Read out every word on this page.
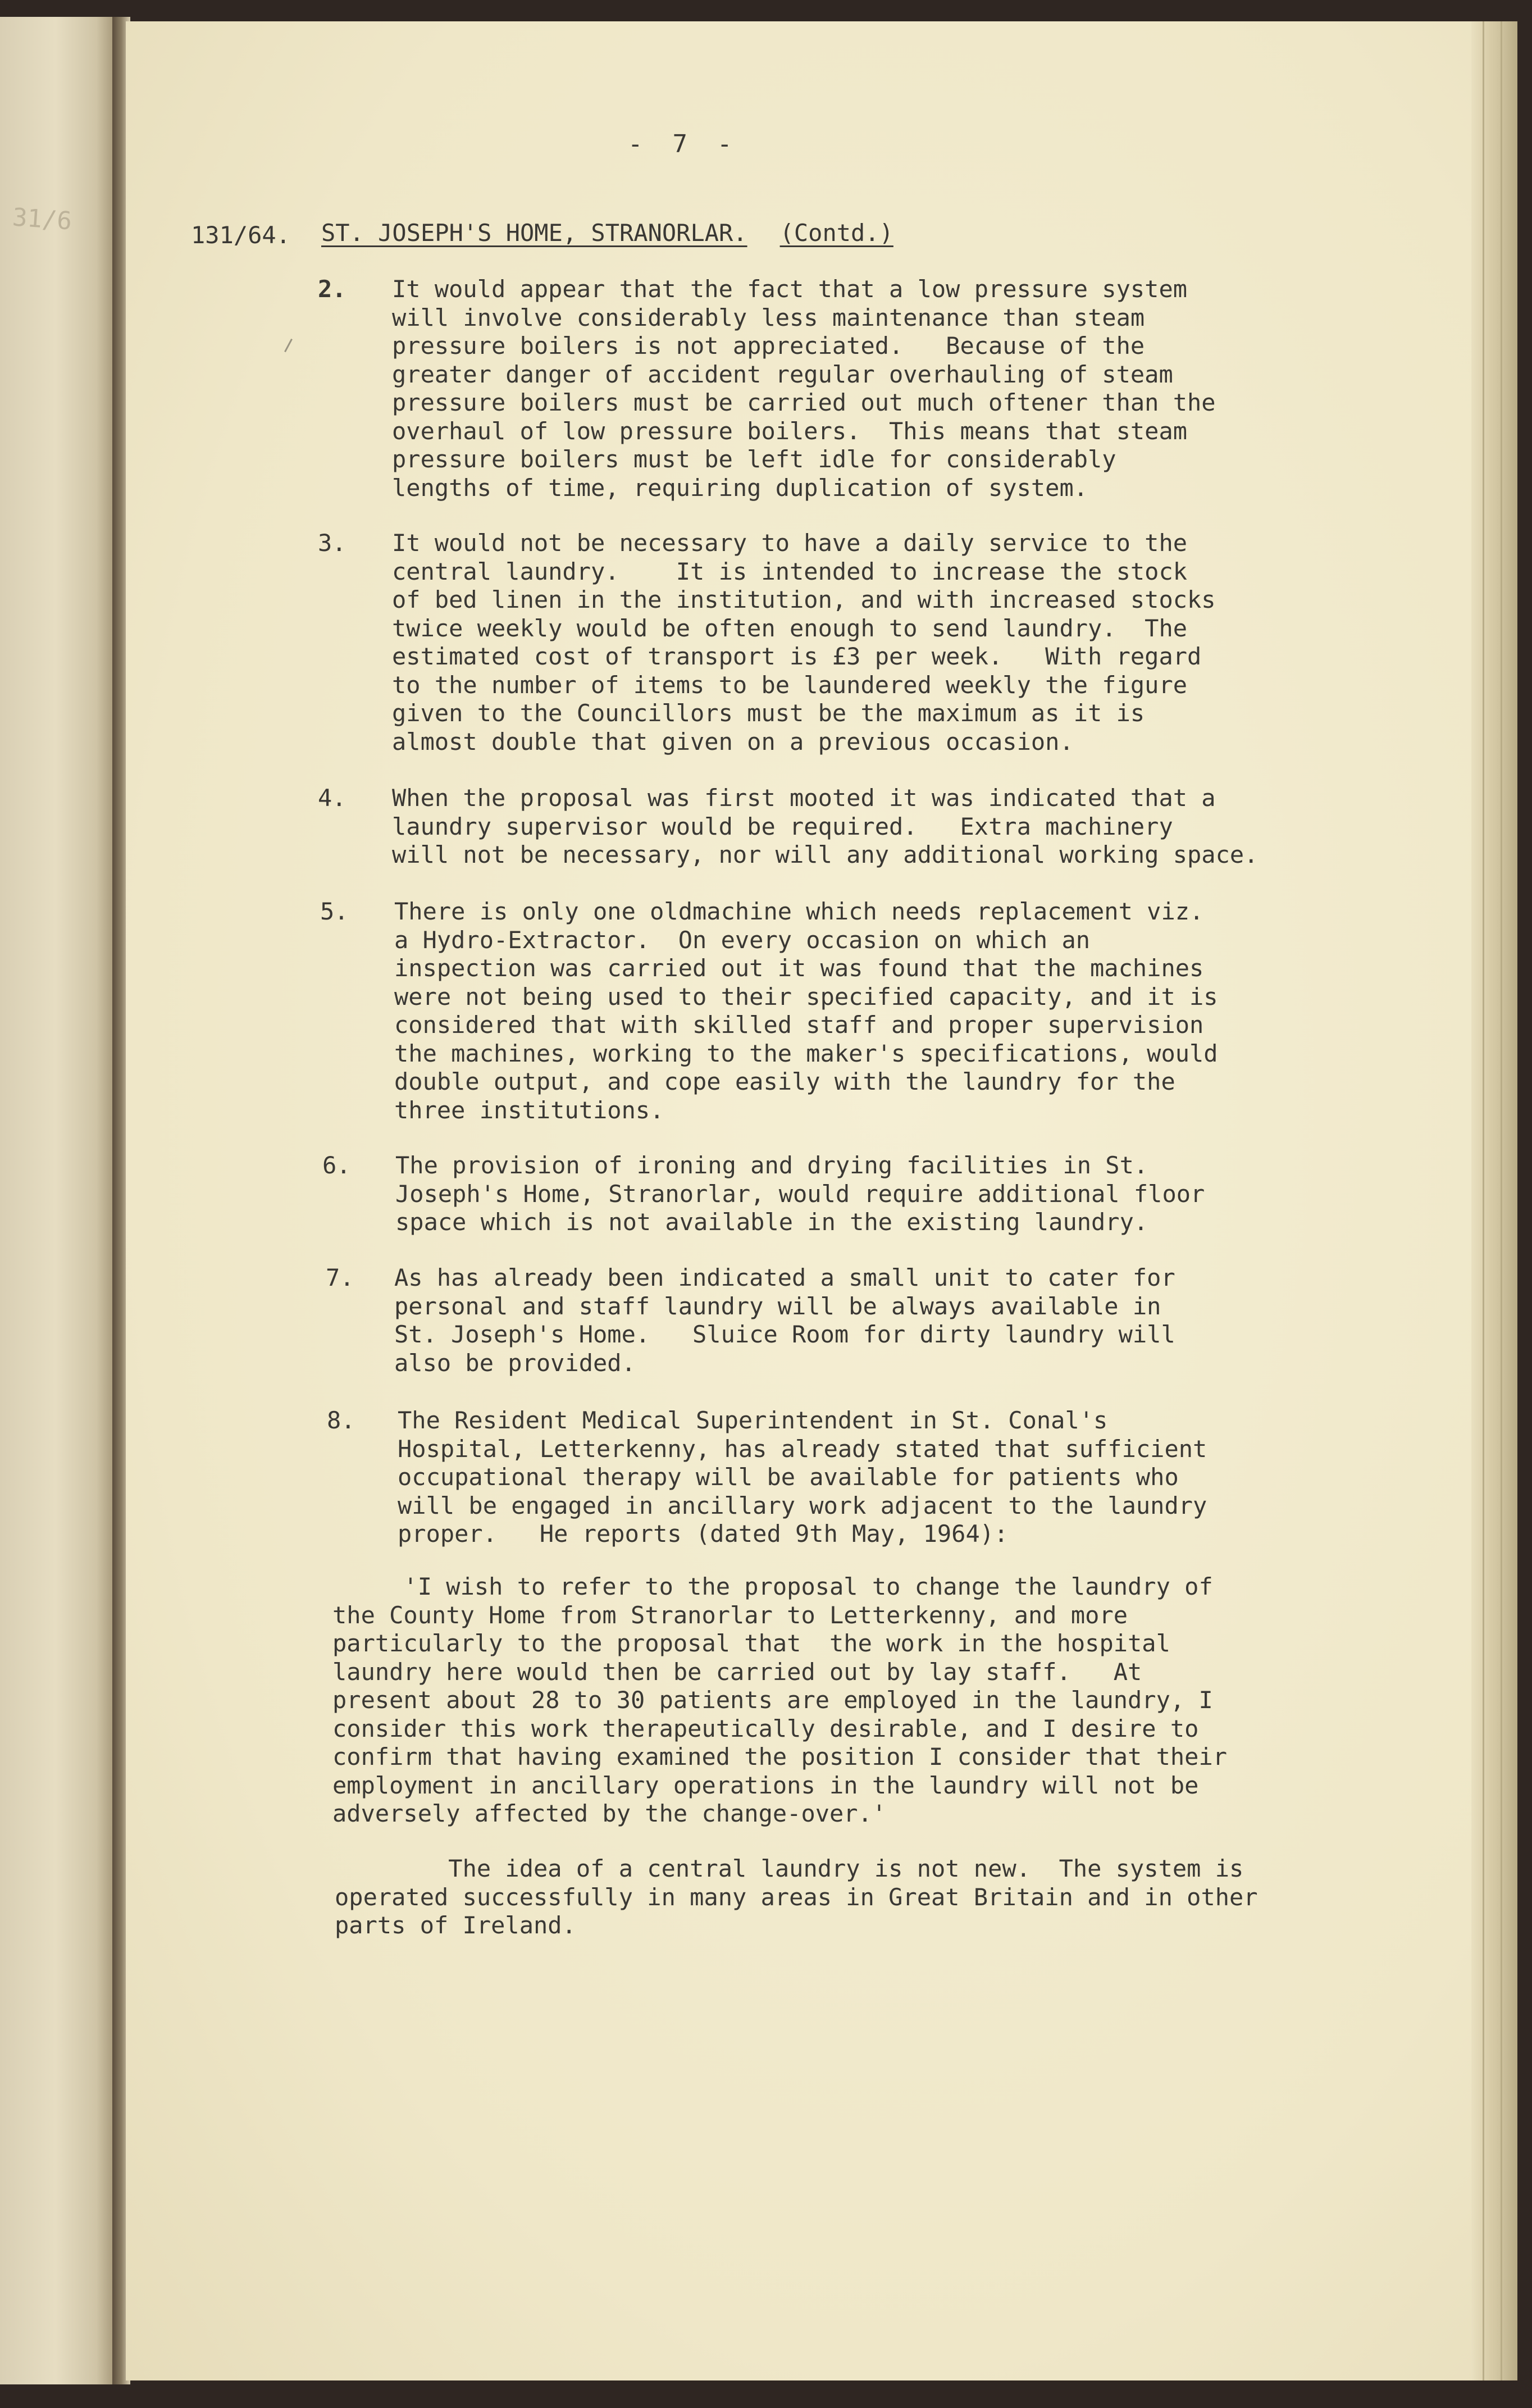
31/6

-  7  -

131/64. ST. JOSEPH'S HOME, STRANORLAR. (Contd.)

2. It would appear that the fact that a low pressure system
will involve considerably less maintenance than steam
pressure boilers is not appreciated.   Because of the
greater danger of accident regular overhauling of steam
pressure boilers must be carried out much oftener than the
overhaul of low pressure boilers.  This means that steam
pressure boilers must be left idle for considerably
lengths of time, requiring duplication of system.

3. It would not be necessary to have a daily service to the
central laundry.    It is intended to increase the stock
of bed linen in the institution, and with increased stocks
twice weekly would be often enough to send laundry.  The
estimated cost of transport is £3 per week.   With regard
to the number of items to be laundered weekly the figure
given to the Councillors must be the maximum as it is
almost double that given on a previous occasion.

4. When the proposal was first mooted it was indicated that a
laundry supervisor would be required.   Extra machinery
will not be necessary, nor will any additional working space.

5. There is only one oldmachine which needs replacement viz.
a Hydro-Extractor.  On every occasion on which an
inspection was carried out it was found that the machines
were not being used to their specified capacity, and it is
considered that with skilled staff and proper supervision
the machines, working to the maker's specifications, would
double output, and cope easily with the laundry for the
three institutions.

6. The provision of ironing and drying facilities in St.
Joseph's Home, Stranorlar, would require additional floor
space which is not available in the existing laundry.

7. As has already been indicated a small unit to cater for
personal and staff laundry will be always available in
St. Joseph's Home.   Sluice Room for dirty laundry will
also be provided.

8. The Resident Medical Superintendent in St. Conal's
Hospital, Letterkenny, has already stated that sufficient
occupational therapy will be available for patients who
will be engaged in ancillary work adjacent to the laundry
proper.   He reports (dated 9th May, 1964):

'I wish to refer to the proposal to change the laundry of
the County Home from Stranorlar to Letterkenny, and more
particularly to the proposal that  the work in the hospital
laundry here would then be carried out by lay staff.   At
present about 28 to 30 patients are employed in the laundry, I
consider this work therapeutically desirable, and I desire to
confirm that having examined the position I consider that their
employment in ancillary operations in the laundry will not be
adversely affected by the change-over.'

The idea of a central laundry is not new.  The system is
operated successfully in many areas in Great Britain and in other
parts of Ireland.
